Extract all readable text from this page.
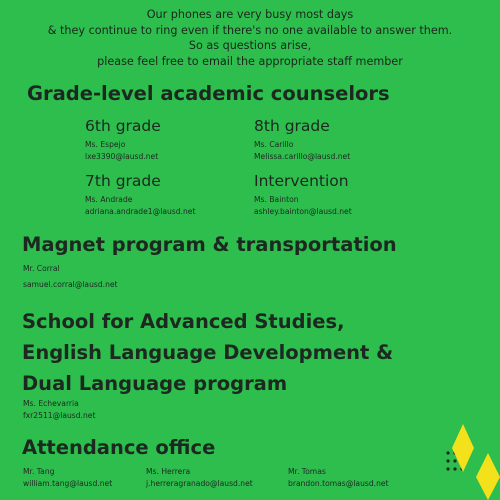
Our phones are very busy most days
& they continue to ring even if there's no one available to answer them.
So as questions arise,
please feel free to email the appropriate staff member
Grade-level academic counselors
6th grade
Ms. Espejo
lxe3390@lausd.net
8th grade
Ms. Carillo
Melissa.carillo@lausd.net
7th grade
Ms. Andrade
adriana.andrade1@lausd.net
Intervention
Ms. Bainton
ashley.bainton@lausd.net
Magnet program & transportation
Mr. Corral
samuel.corral@lausd.net
School for Advanced Studies,
English Language Development &
Dual Language program
Ms. Echevarria
fxr2511@lausd.net
Attendance office
Mr. Tang
william.tang@lausd.net
Ms. Herrera
j.herreragranado@lausd.net
Mr. Tomas
brandon.tomas@lausd.net
